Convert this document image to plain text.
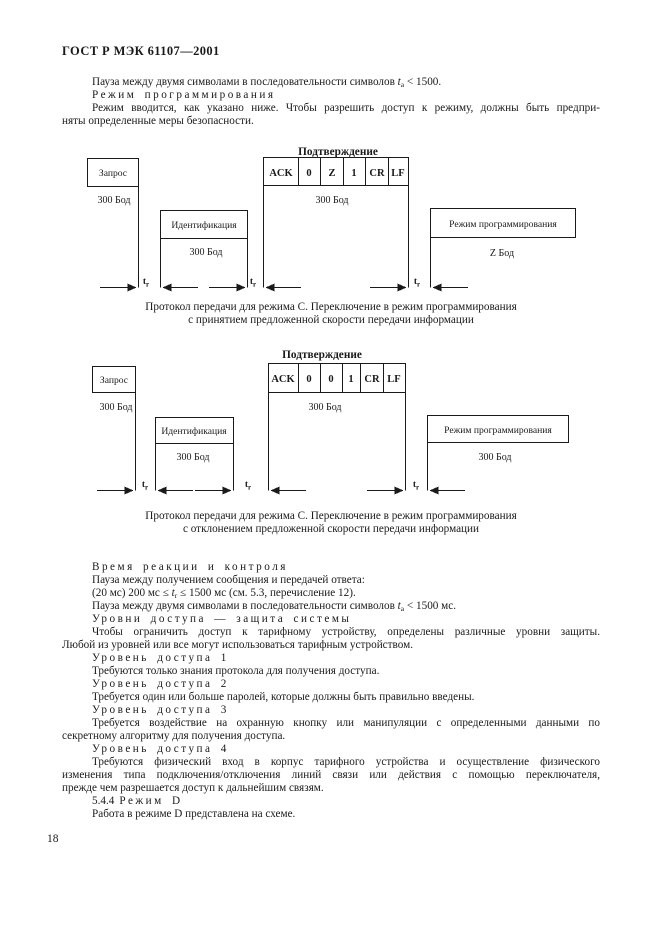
ГОСТ Р МЭК 61107—2001
Пауза между двумя символами в последовательности символов $t_а < 1500$.
Режим программирования
Режим вводится, как указано ниже. Чтобы разрешить доступ к режиму, должны быть предпри-
няты определенные меры безопасности.
Подтверждение
Запрос
300 Бод
Идентификация
300 Бод
ACK 0 Z 1 CR LF
300 Бод
Режим программирования
Z Бод
$t_r$	$t_r$	$t_r$
Протокол передачи для режима С. Переключение в режим программирования
с принятием предложенной скорости передачи информации
Подтверждение
Запрос
300 Бод
Идентификация
300 Бод
ACK 0 0 1 CR LF
300 Бод
Режим программирования
300 Бод
$t_r$	$t_r$	$t_r$
Протокол передачи для режима С. Переключение в режим программирования
с отклонением предложенной скорости передачи информации
Время реакции и контроля
Пауза между получением сообщения и передачей ответа:
(20 мс) 200 мс ≤ $t_r \le 1500$ мс (см. 5.3, перечисление 12).
Пауза между двумя символами в последовательности символов $t_а < 1500$ мс.
Уровни доступа — защита системы
Чтобы ограничить доступ к тарифному устройству, определены различные уровни защиты.
Любой из уровней или все могут использоваться тарифным устройством.
Уровень доступа 1
Требуются только знания протокола для получения доступа.
Уровень доступа 2
Требуется один или больше паролей, которые должны быть правильно введены.
Уровень доступа 3
Требуется воздействие на охранную кнопку или манипуляции с определенными данными по
секретному алгоритму для получения доступа.
Уровень доступа 4
Требуются физический вход в корпус тарифного устройства и осуществление физического
изменения типа подключения/отключения линий связи или действия с помощью переключателя,
прежде чем разрешается доступ к дальнейшим связям.
5.4.4 Режим D
Работа в режиме D представлена на схеме.
18
